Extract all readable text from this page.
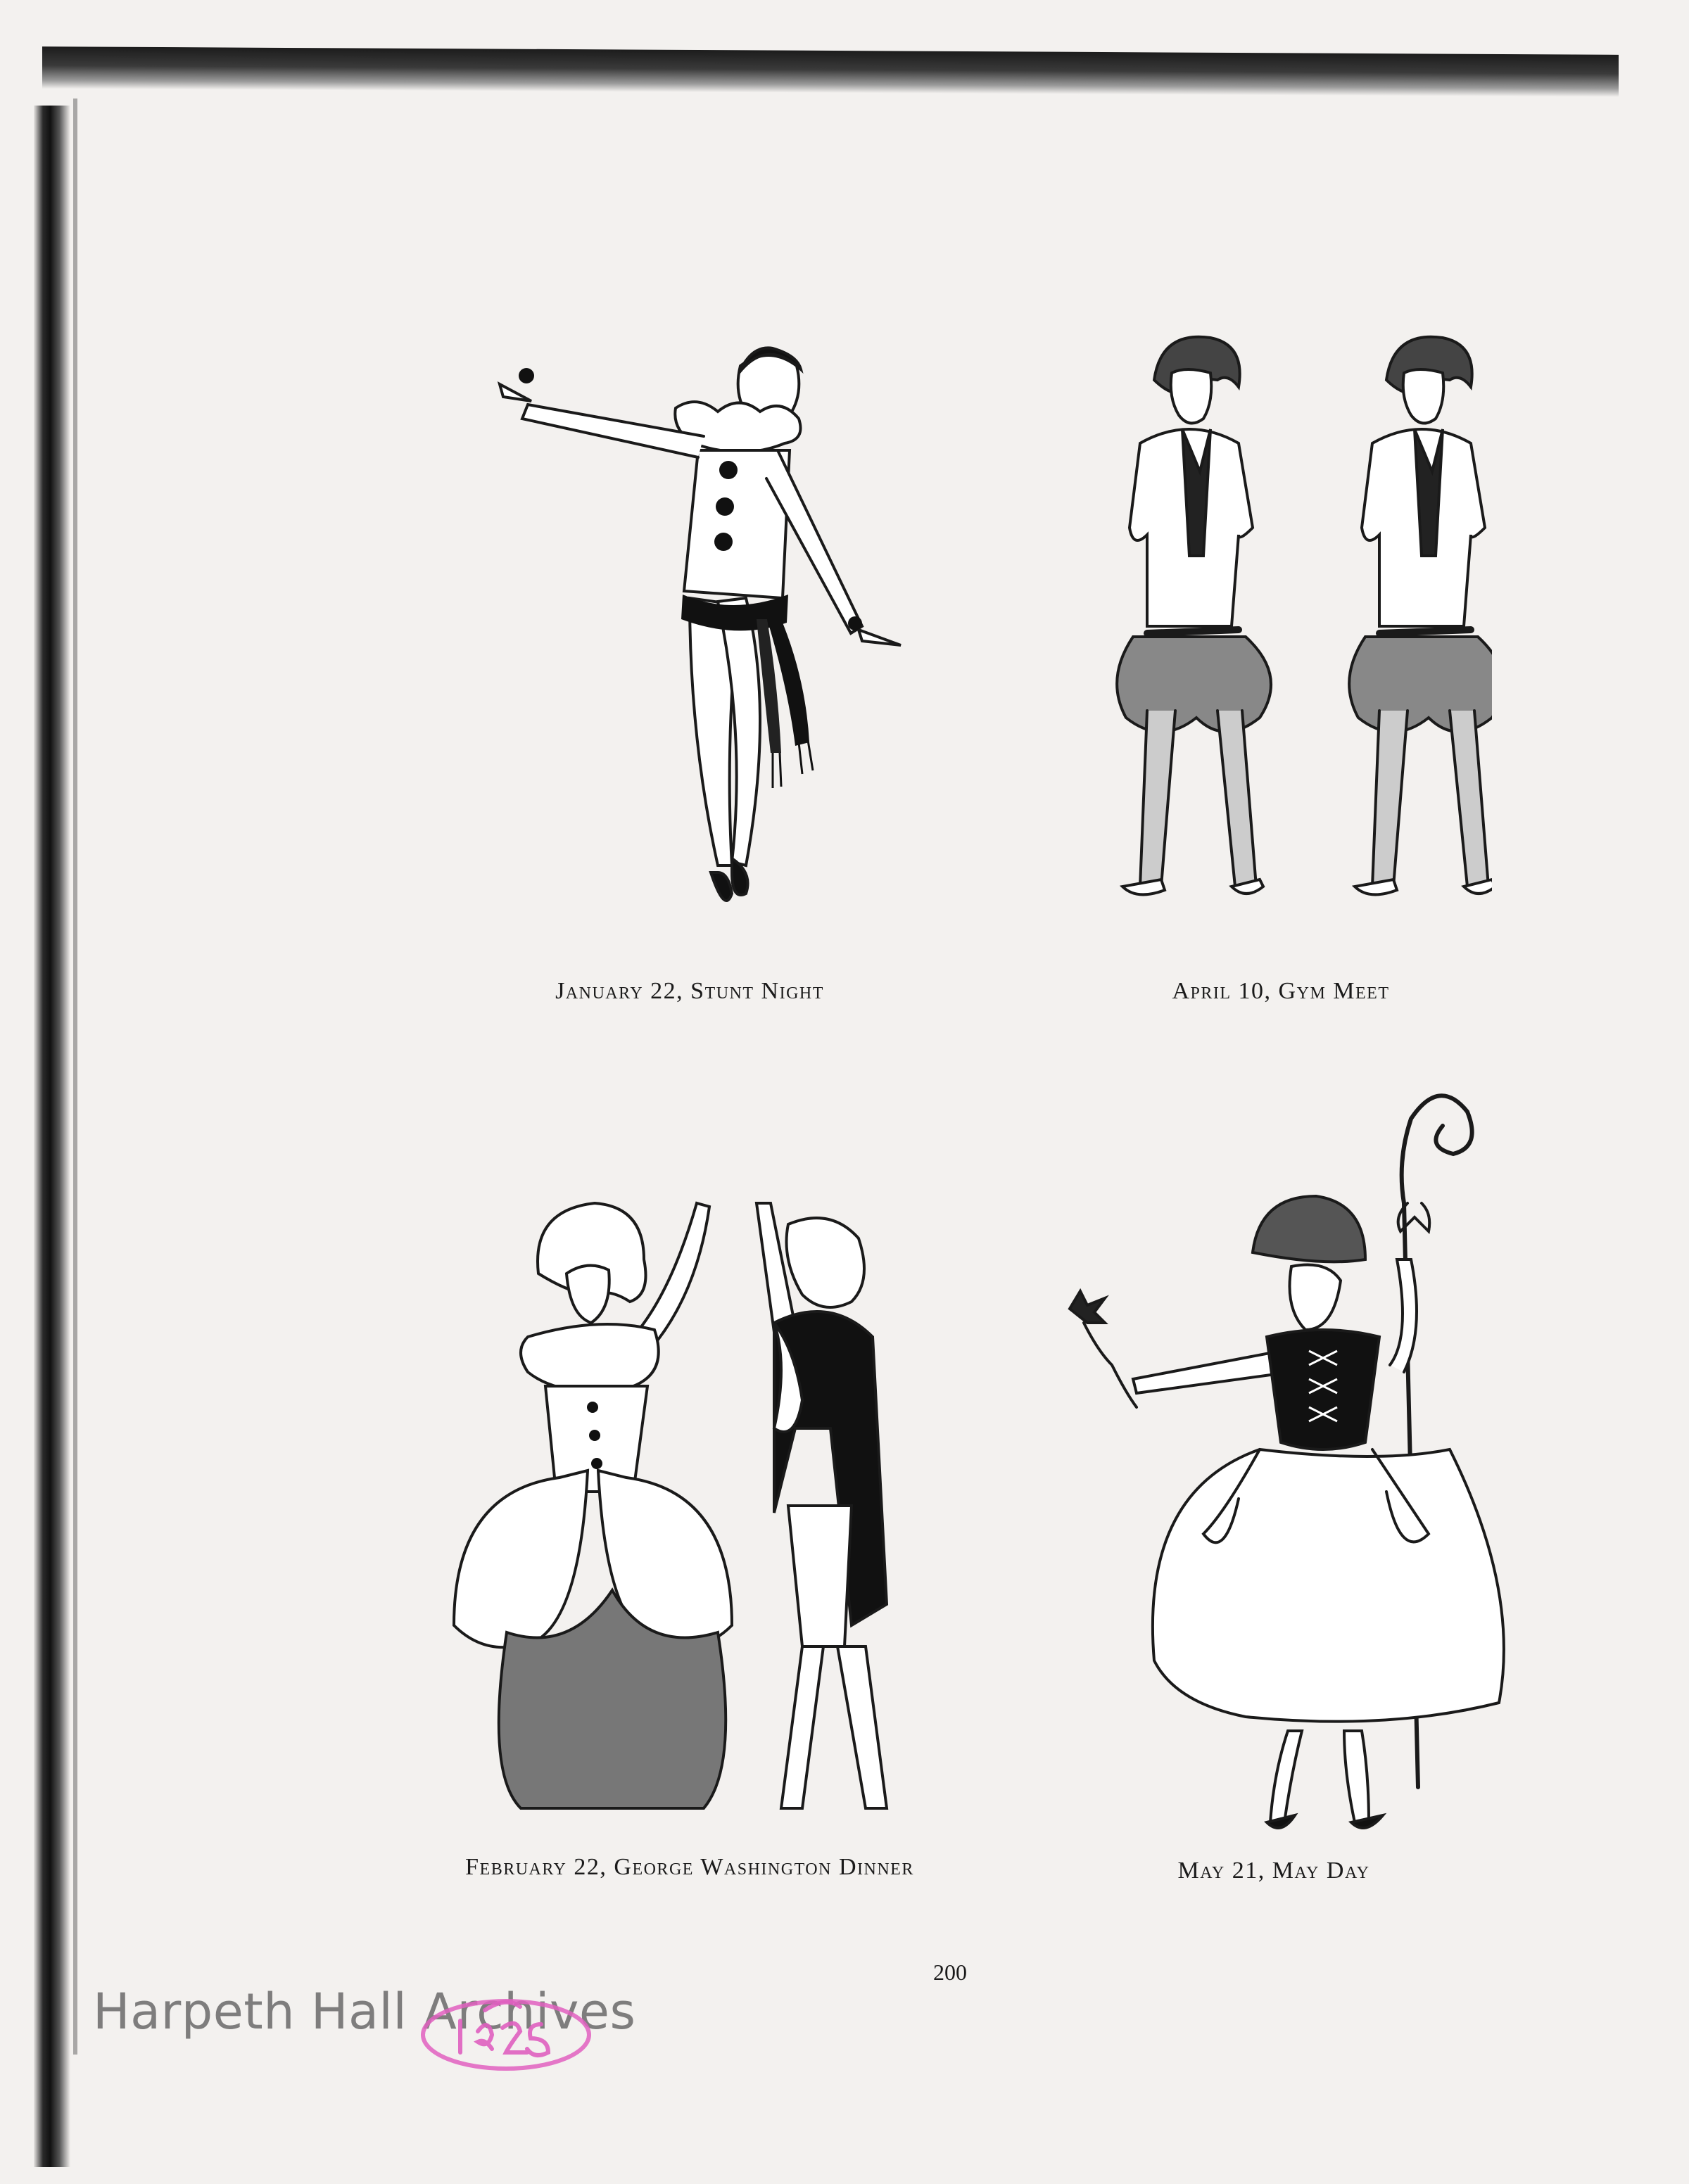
January 22, Stunt Night	April 10, Gym Meet
February 22, George Washington Dinner	May 21, May Day
200
Harpeth Hall Archives
